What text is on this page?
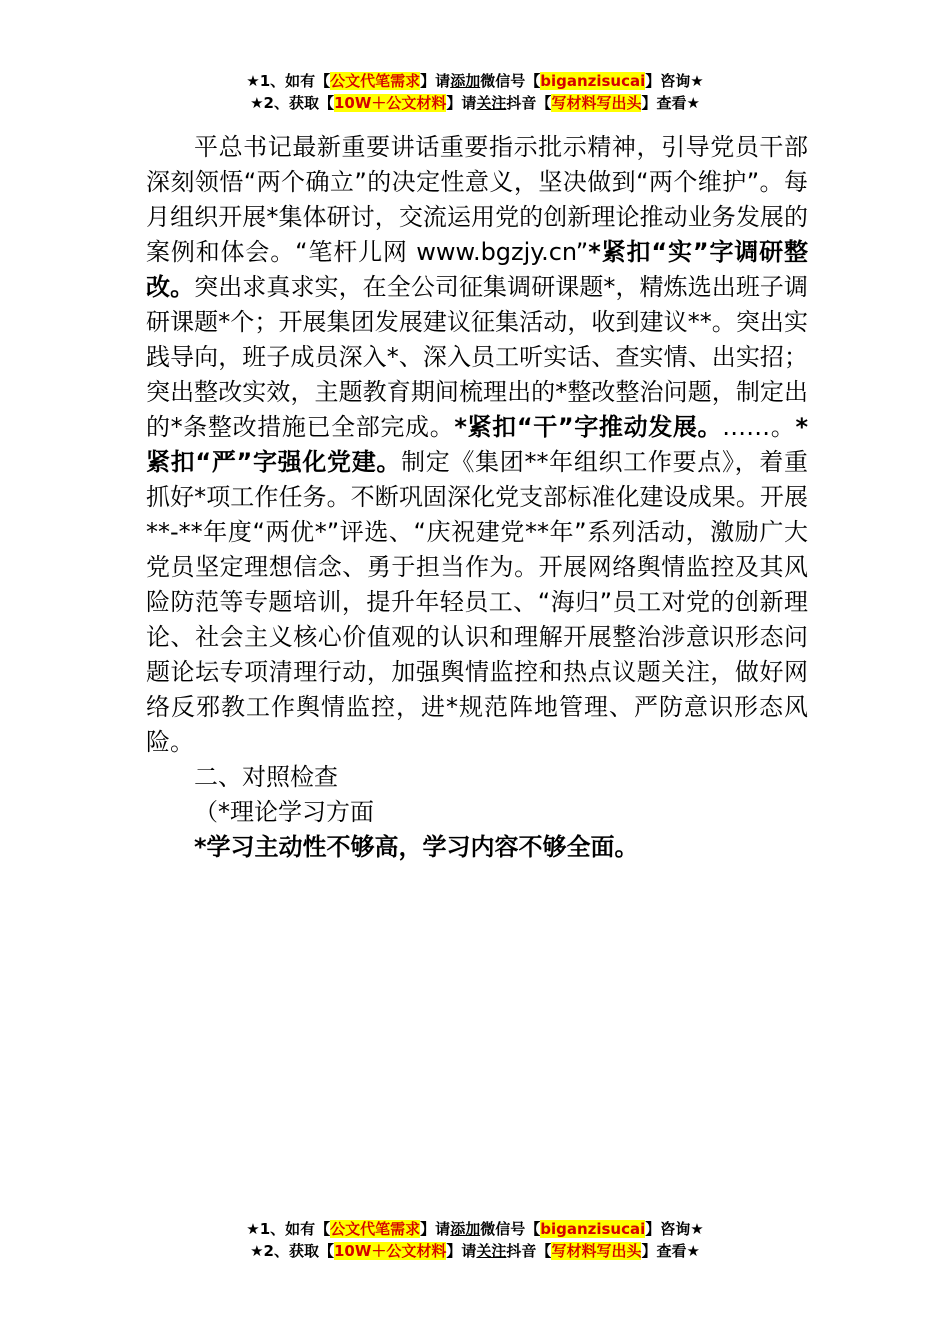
★1、如有【公文代笔需求】请添加微信号【biganzisucai】咨询★
★2、获取【10W＋公文材料】请关注抖音【写材料写出头】查看★

平总书记最新重要讲话重要指示批示精神，引导党员干部深刻领悟“两个确立”的决定性意义，坚决做到“两个维护”。每月组织开展*集体研讨，交流运用党的创新理论推动业务发展的案例和体会。“笔杆儿网 www.bgzjy.cn”*紧扣“实”字调研整改。突出求真求实，在全公司征集调研课题*，精炼选出班子调研课题*个；开展集团发展建议征集活动，收到建议**。突出实践导向，班子成员深入*、深入员工听实话、查实情、出实招；突出整改实效，主题教育期间梳理出的*整改整治问题，制定出的*条整改措施已全部完成。*紧扣“干”字推动发展。……。*紧扣“严”字强化党建。制定《集团**年组织工作要点》，着重抓好*项工作任务。不断巩固深化党支部标准化建设成果。开展**-**年度“两优*”评选、“庆祝建党**年”系列活动，激励广大党员坚定理想信念、勇于担当作为。开展网络舆情监控及其风险防范等专题培训，提升年轻员工、“海归”员工对党的创新理论、社会主义核心价值观的认识和理解开展整治涉意识形态问题论坛专项清理行动，加强舆情监控和热点议题关注，做好网络反邪教工作舆情监控，进*规范阵地管理、严防意识形态风险。

二、对照检查

（*理论学习方面

*学习主动性不够高，学习内容不够全面。

★1、如有【公文代笔需求】请添加微信号【biganzisucai】咨询★
★2、获取【10W＋公文材料】请关注抖音【写材料写出头】查看★
